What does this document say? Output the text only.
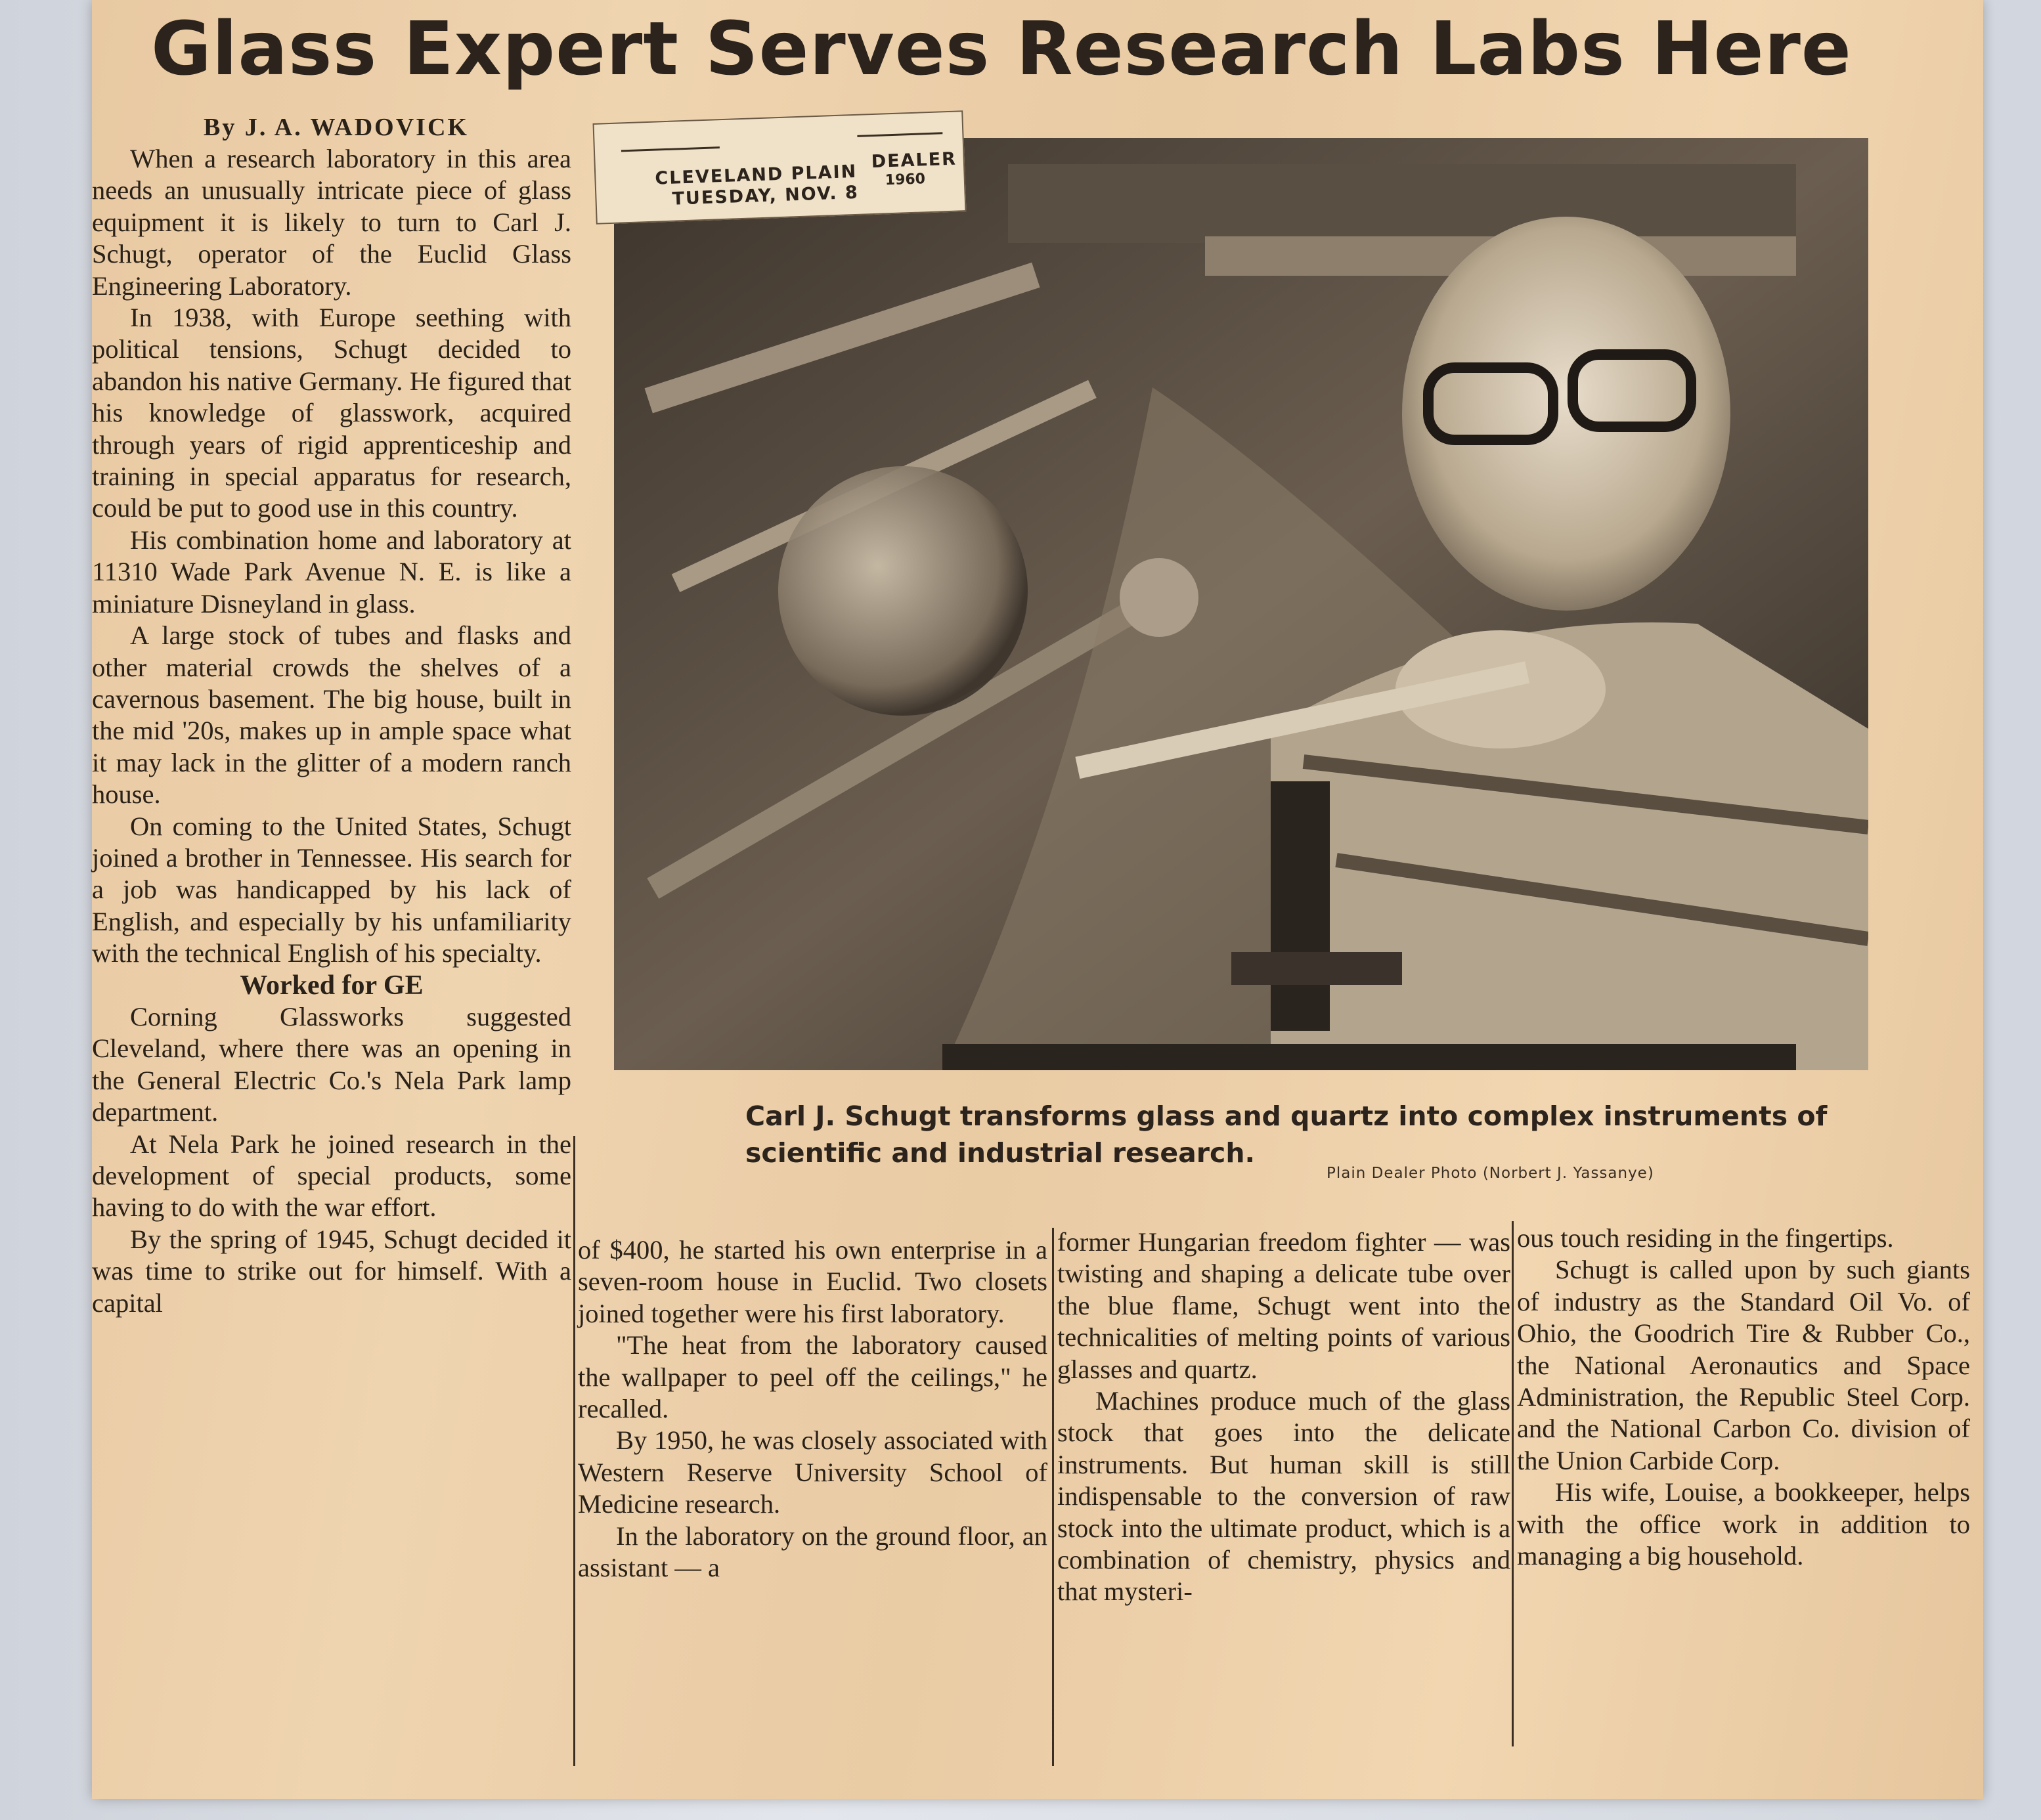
Glass Expert Serves Research Labs Here
By J. A. WADOVICK

When a research laboratory in this area needs an unusually intricate piece of glass equipment it is likely to turn to Carl J. Schugt, operator of the Euclid Glass Engineering Laboratory.

In 1938, with Europe seething with political tensions, Schugt decided to abandon his native Germany. He figured that his knowledge of glasswork, acquired through years of rigid apprenticeship and training in special apparatus for research, could be put to good use in this country.

His combination home and laboratory at 11310 Wade Park Avenue N. E. is like a miniature Disneyland in glass.

A large stock of tubes and flasks and other material crowds the shelves of a cavernous basement. The big house, built in the mid '20s, makes up in ample space what it may lack in the glitter of a modern ranch house.

On coming to the United States, Schugt joined a brother in Tennessee. His search for a job was handicapped by his lack of English, and especially by his unfamiliarity with the technical English of his specialty.

Worked for GE

Corning Glassworks suggested Cleveland, where there was an opening in the General Electric Co.'s Nela Park lamp department.

At Nela Park he joined research in the development of special products, some having to do with the war effort.

By the spring of 1945, Schugt decided it was time to strike out for himself. With a capital

CLEVELAND PLAIN
DEALER
TUESDAY, NOV. 8
1960
Carl J. Schugt transforms glass and quartz into complex instruments of scientific and industrial research.
Plain Dealer Photo (Norbert J. Yassanye)

of $400, he started his own enterprise in a seven-room house in Euclid. Two closets joined together were his first laboratory.

"The heat from the laboratory caused the wallpaper to peel off the ceilings," he recalled.

By 1950, he was closely associated with Western Reserve University School of Medicine research.

In the laboratory on the ground floor, an assistant — a

former Hungarian freedom fighter — was twisting and shaping a delicate tube over the blue flame, Schugt went into the technicalities of melting points of various glasses and quartz.

Machines produce much of the glass stock that goes into the delicate instruments. But human skill is still indispensable to the conversion of raw stock into the ultimate product, which is a combination of chemistry, physics and that mysteri-

ous touch residing in the fingertips.

Schugt is called upon by such giants of industry as the Standard Oil Vo. of Ohio, the Goodrich Tire & Rubber Co., the National Aeronautics and Space Administration, the Republic Steel Corp. and the National Carbon Co. division of the Union Carbide Corp.

His wife, Louise, a bookkeeper, helps with the office work in addition to managing a big household.
